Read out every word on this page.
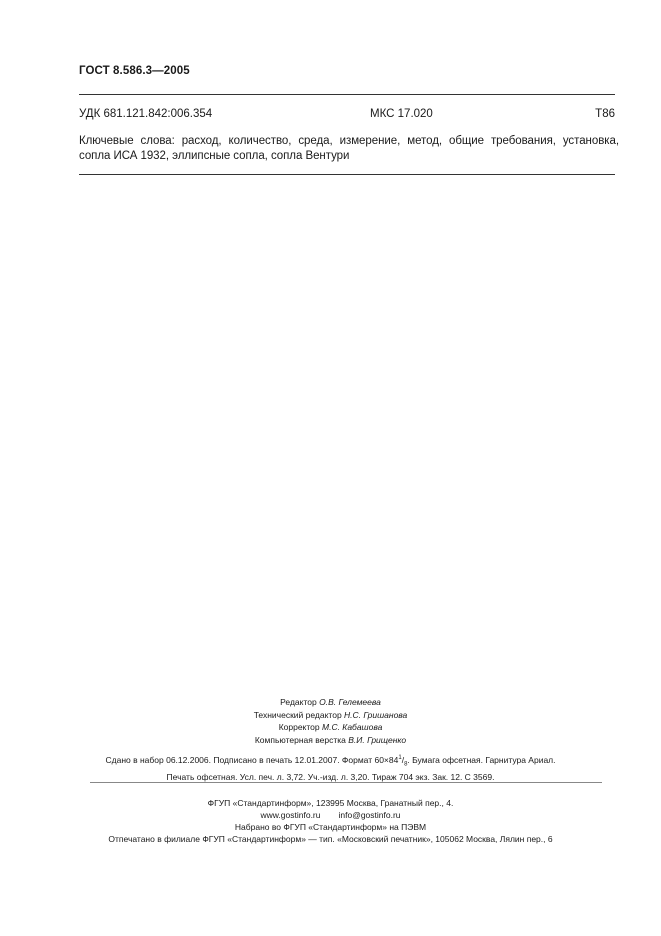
ГОСТ 8.586.3—2005
УДК 681.121.842:006.354	МКС 17.020	Т86
Ключевые слова: расход, количество, среда, измерение, метод, общие требования, установка, сопла ИСА 1932, эллипсные сопла, сопла Вентури
Редактор О.В. Гелемеева
Технический редактор Н.С. Гришанова
Корректор М.С. Кабашова
Компьютерная верстка В.И. Грищенко
Сдано в набор 06.12.2006. Подписано в печать 12.01.2007. Формат $60\times 84^1/_8$. Бумага офсетная. Гарнитура Ариал.
Печать офсетная. Усл. печ. л. 3,72. Уч.-изд. л. 3,20. Тираж 704 экз. Зак. 12. С 3569.
ФГУП «Стандартинформ», 123995 Москва, Гранатный пер., 4.
www.gostinfo.ru info@gostinfo.ru
Набрано во ФГУП «Стандартинформ» на ПЭВМ
Отпечатано в филиале ФГУП «Стандартинформ» — тип. «Московский печатник», 105062 Москва, Лялин пер., 6
